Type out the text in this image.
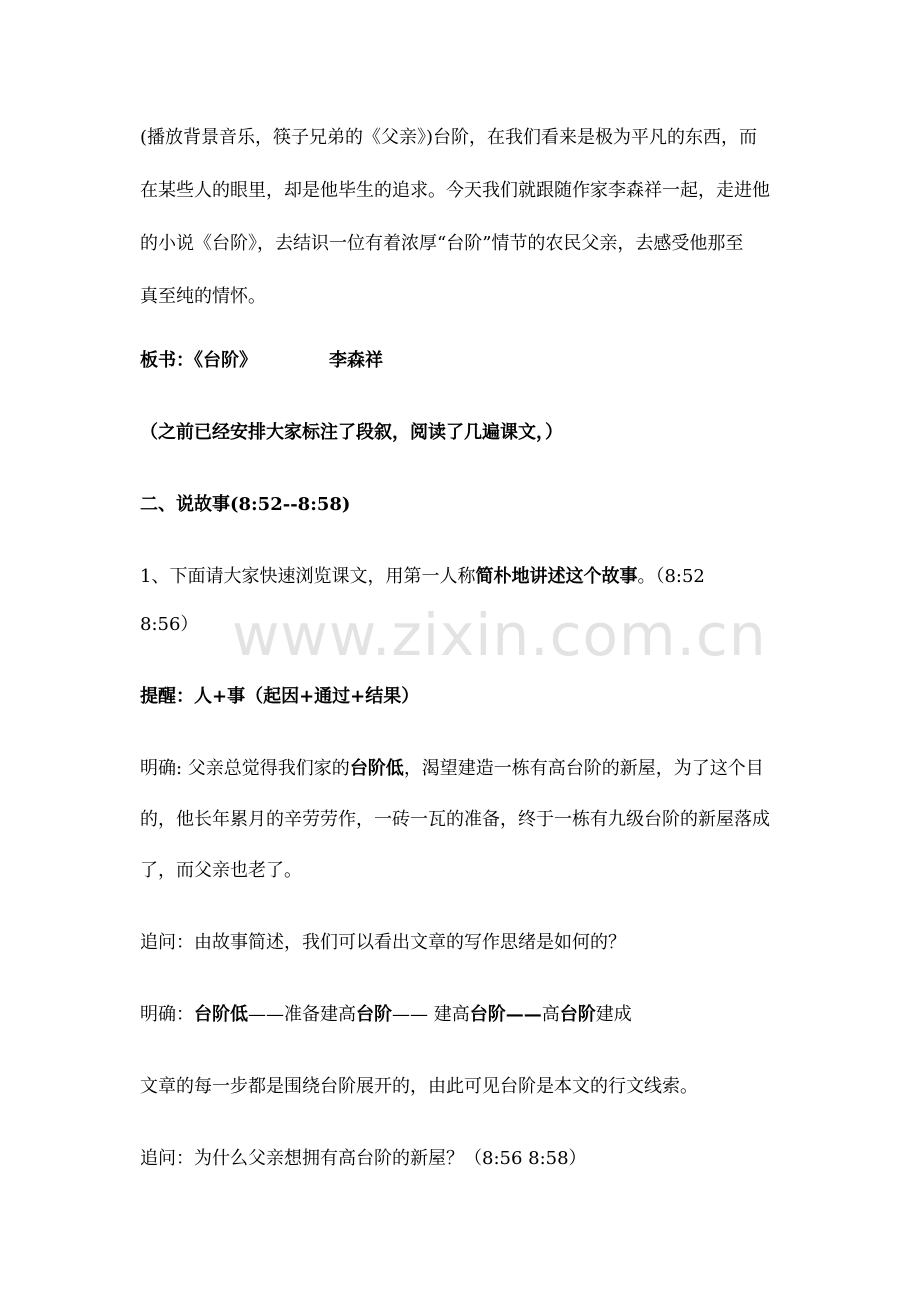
(播放背景音乐，筷子兄弟的《父亲》)台阶，在我们看来是极为平凡的东西，而
在某些人的眼里，却是他毕生的追求。今天我们就跟随作家李森祥一起，走进他
的小说《台阶》，去结识一位有着浓厚“台阶”情节的农民父亲，去感受他那至
真至纯的情怀。
板书：《台阶》	李森祥
（之前已经安排大家标注了段叙，阅读了几遍课文，）
二、说故事(8:52--8:58)
1、下面请大家快速浏览课文，用第一人称简朴地讲述这个故事。（8:52
8:56）
提醒：人+事（起因+通过+结果）
明确: 父亲总觉得我们家的台阶低，渴望建造一栋有高台阶的新屋，为了这个目
的，他长年累月的辛劳劳作，一砖一瓦的准备，终于一栋有九级台阶的新屋落成
了，而父亲也老了。
追问：由故事简述，我们可以看出文章的写作思绪是如何的？
明确：台阶低——准备建高台阶—— 建高台阶——高台阶建成
文章的每一步都是围绕台阶展开的，由此可见台阶是本文的行文线索。
追问：为什么父亲想拥有高台阶的新屋？（8:56 8:58）
www.zixin.com.cn
